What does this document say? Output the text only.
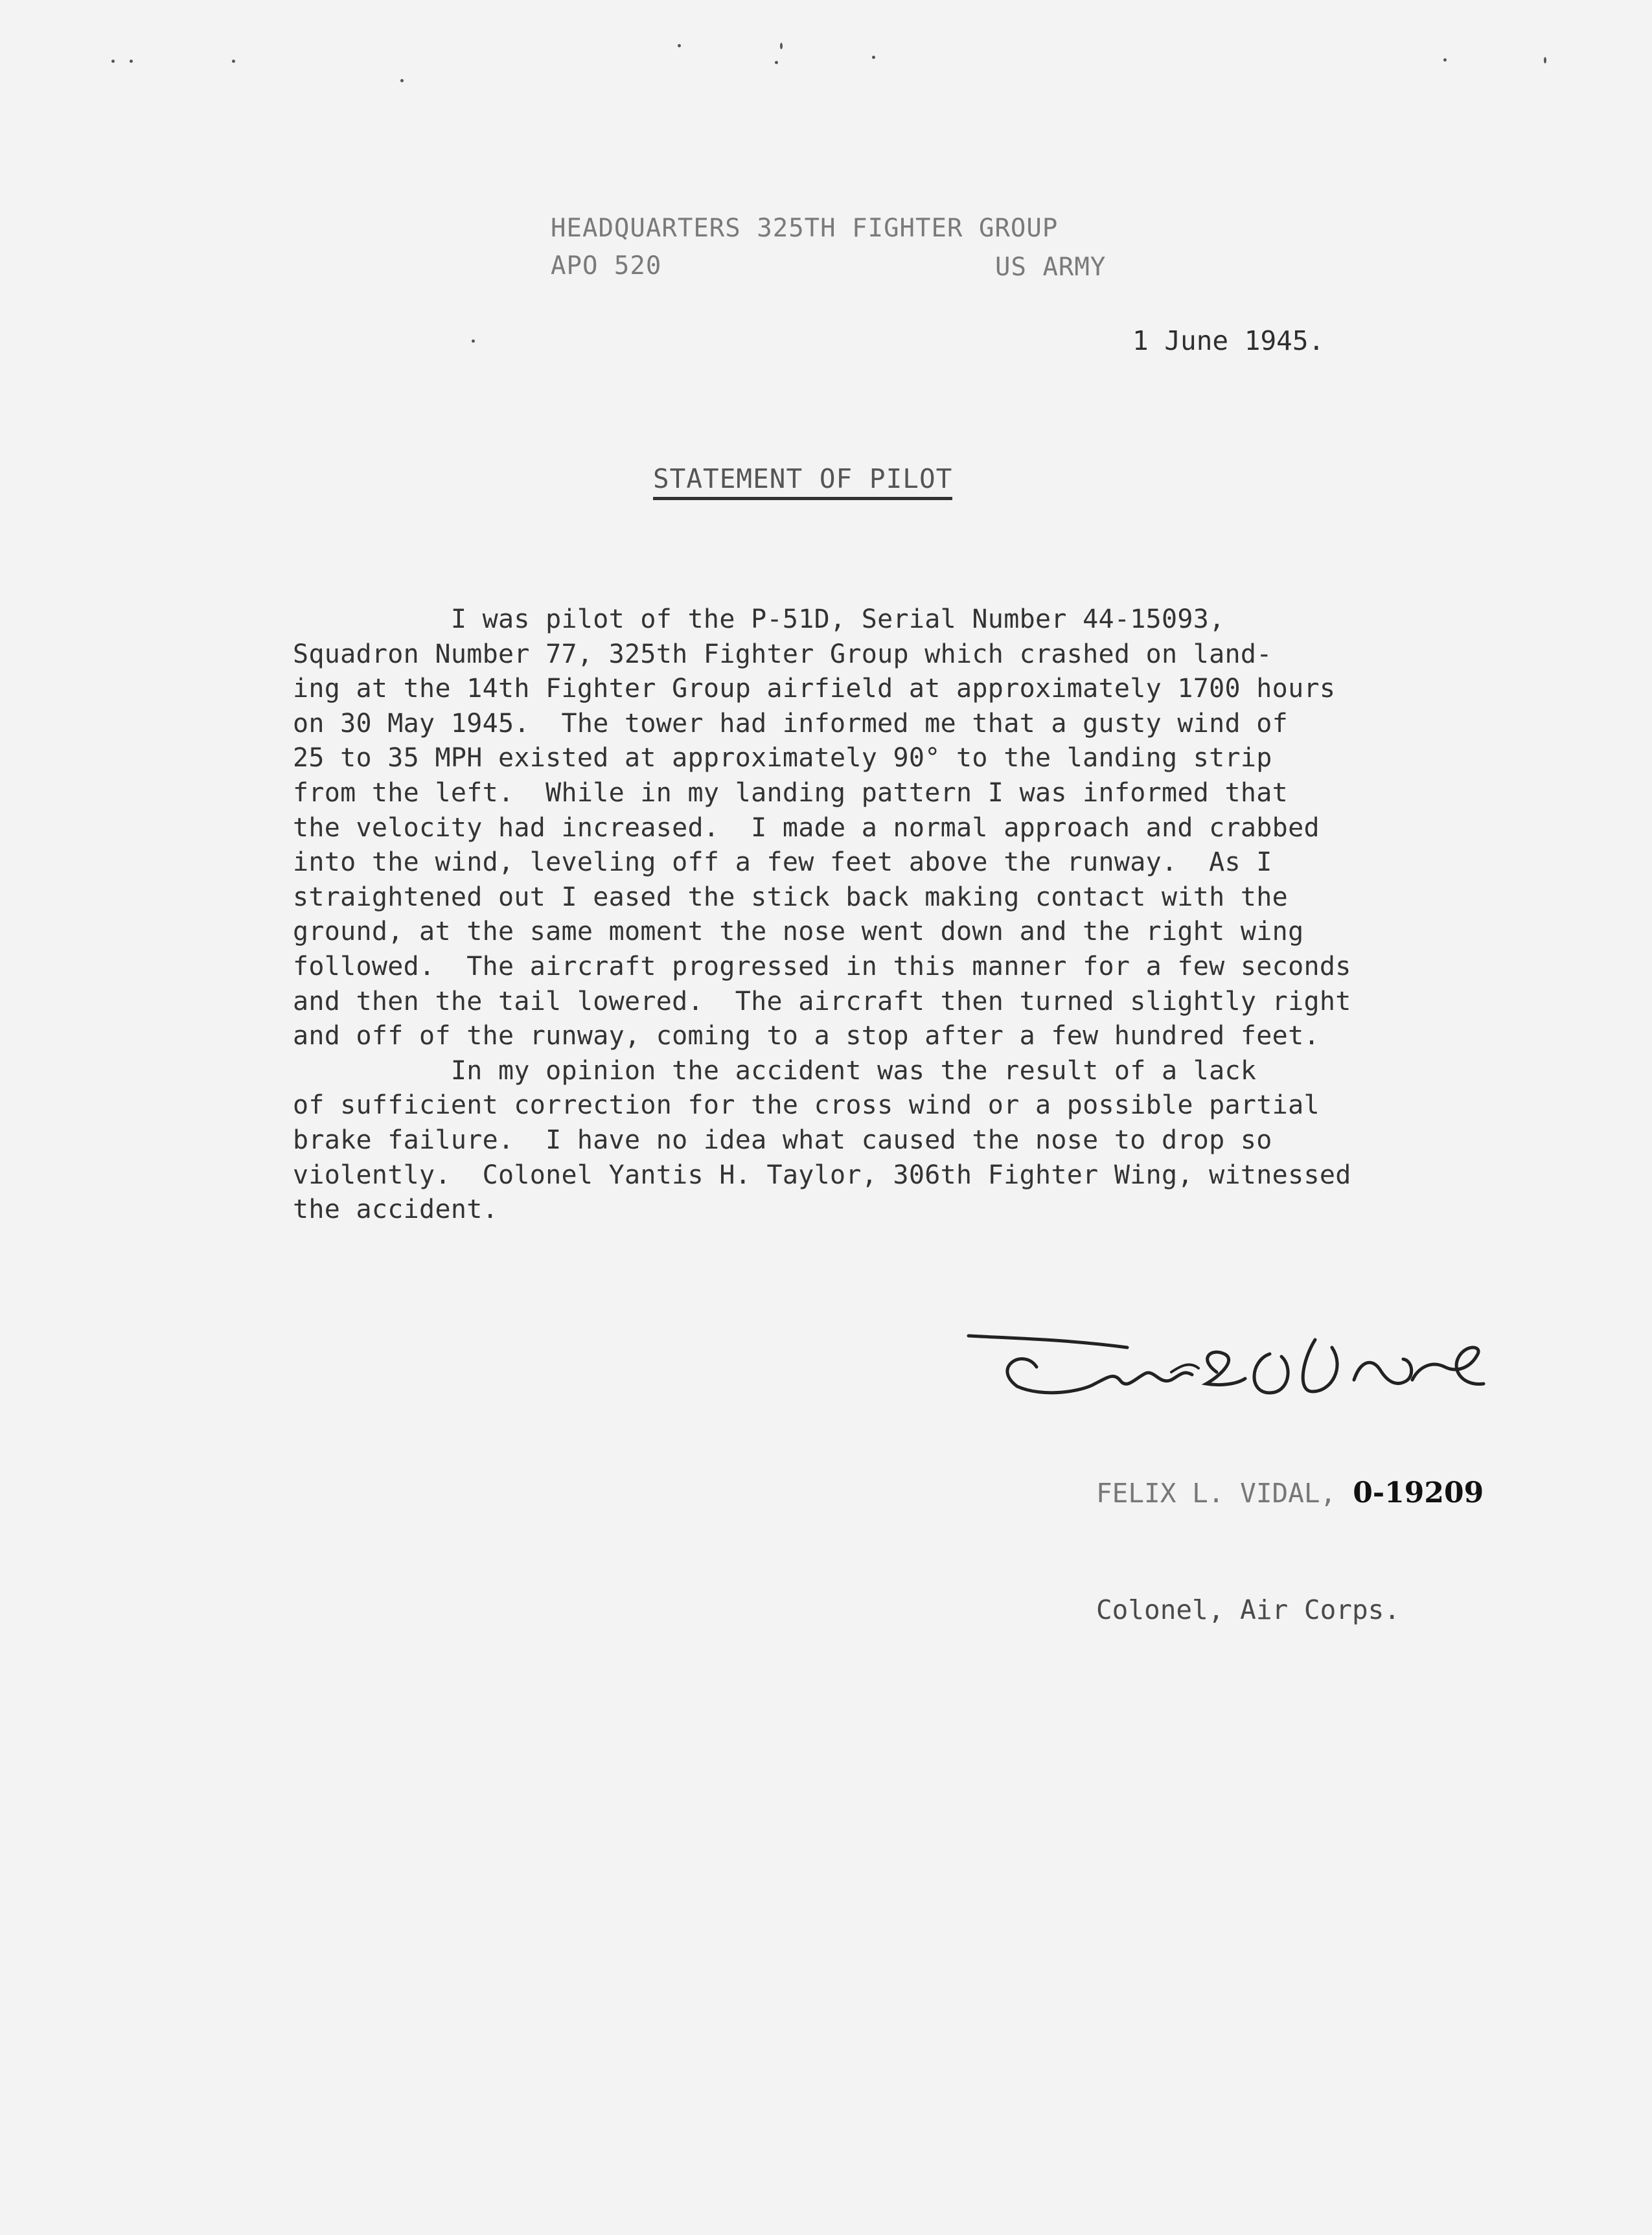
HEADQUARTERS 325TH FIGHTER GROUP
APO 520	US ARMY
1 June 1945.
STATEMENT OF PILOT
I was pilot of the P-51D, Serial Number 44-15093,
Squadron Number 77, 325th Fighter Group which crashed on land-
ing at the 14th Fighter Group airfield at approximately 1700 hours
on 30 May 1945.  The tower had informed me that a gusty wind of
25 to 35 MPH existed at approximately 90° to the landing strip
from the left.  While in my landing pattern I was informed that
the velocity had increased.  I made a normal approach and crabbed
into the wind, leveling off a few feet above the runway.  As I
straightened out I eased the stick back making contact with the
ground, at the same moment the nose went down and the right wing
followed.  The aircraft progressed in this manner for a few seconds
and then the tail lowered.  The aircraft then turned slightly right
and off of the runway, coming to a stop after a few hundred feet.
In my opinion the accident was the result of a lack
of sufficient correction for the cross wind or a possible partial
brake failure.  I have no idea what caused the nose to drop so
violently.  Colonel Yantis H. Taylor, 306th Fighter Wing, witnessed
the accident.

FELIX L. VIDAL, 0-19209

Colonel, Air Corps.
